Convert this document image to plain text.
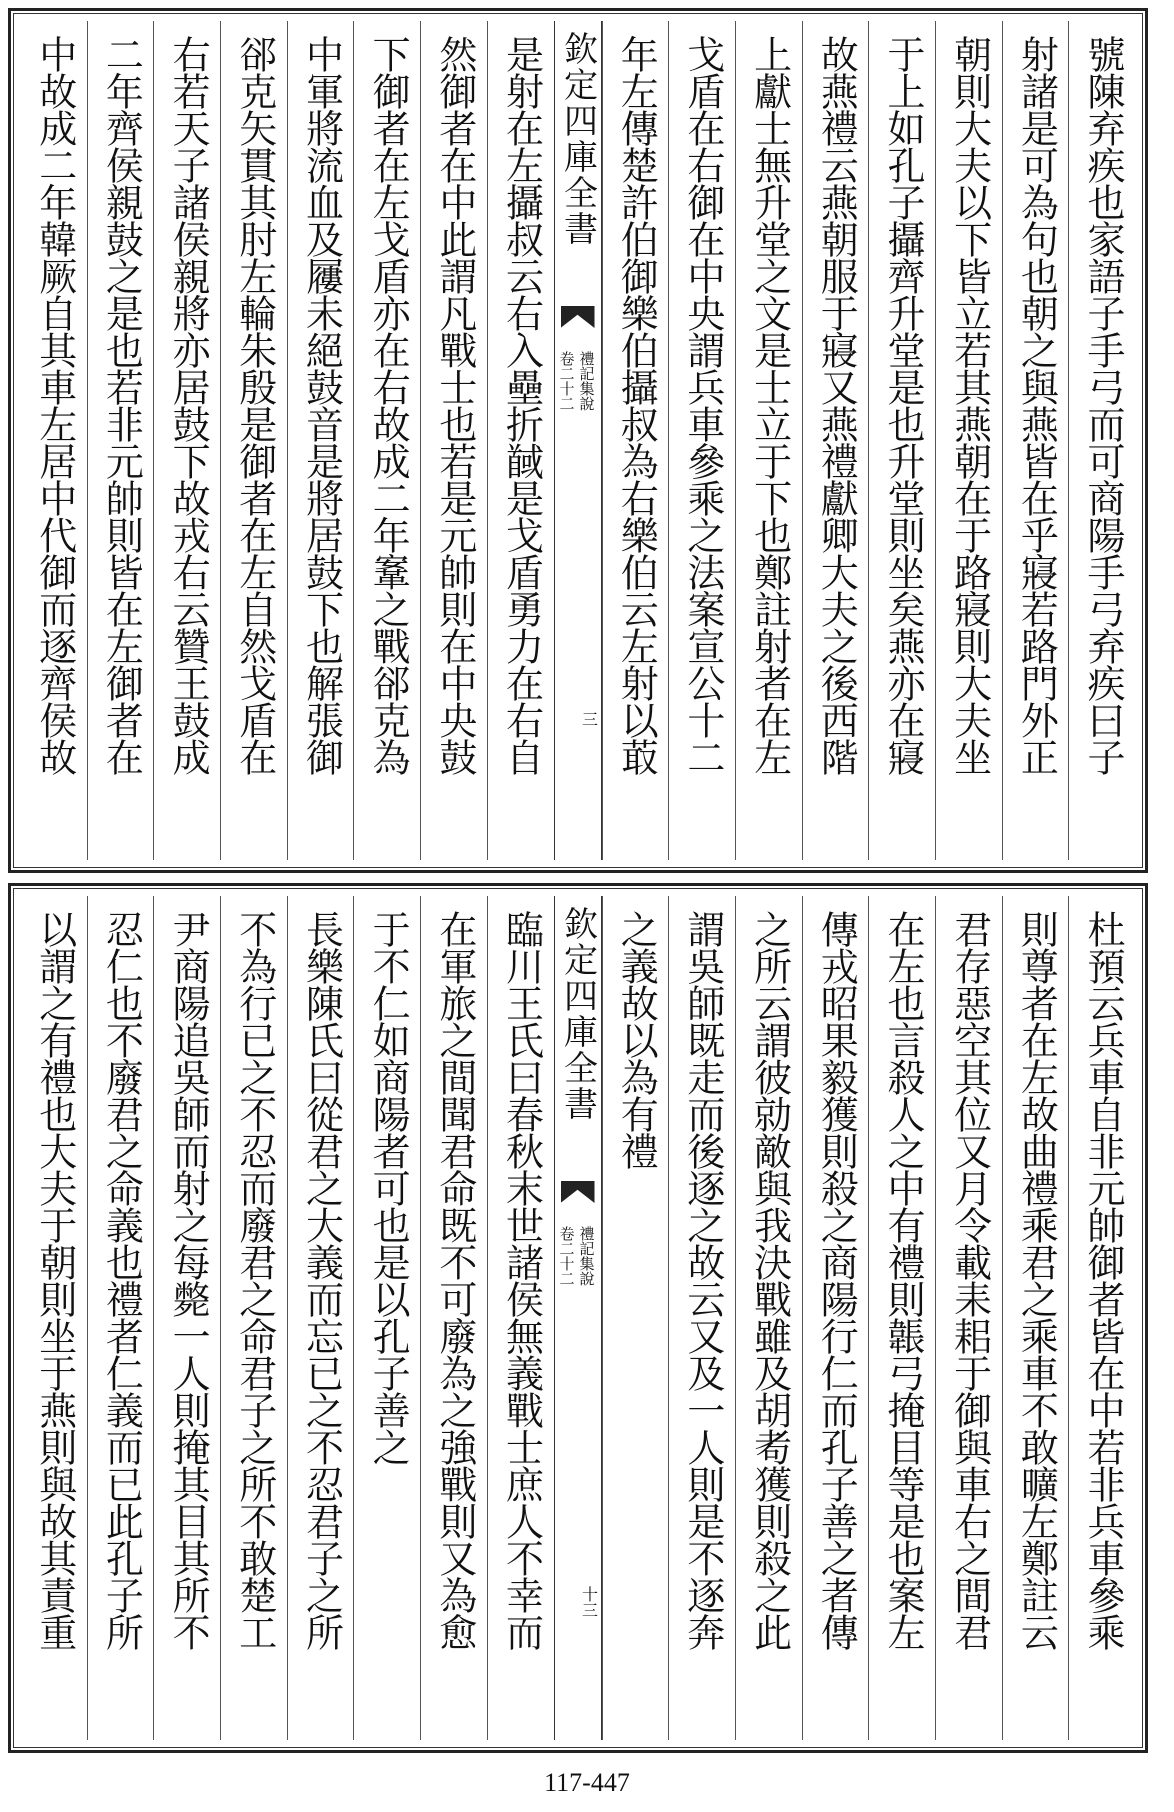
號陳弃疾也家語子手弓而可商陽手弓弃疾曰子
射諸是可為句也朝之與燕皆在乎寢若路門外正
朝則大夫以下皆立若其燕朝在于路寢則大夫坐
于上如孔子攝齊升堂是也升堂則坐矣燕亦在寢
故燕禮云燕朝服于寢又燕禮獻卿大夫之後西階
上獻士無升堂之文是士立于下也鄭註射者在左
戈盾在右御在中央謂兵車參乘之法案宣公十二
年左傳楚許伯御樂伯攝叔為右樂伯云左射以菆
欽定四庫全書
禮記集說
卷二十二
三
是射在左攝叔云右入壘折馘是戈盾勇力在右自
然御者在中此謂凡戰士也若是元帥則在中央鼓
下御者在左戈盾亦在右故成二年鞌之戰郤克為
中軍將流血及屨未絕鼓音是將居鼓下也解張御
郤克矢貫其肘左輪朱殷是御者在左自然戈盾在
右若天子諸侯親將亦居鼓下故戎右云贊王鼓成
二年齊侯親鼓之是也若非元帥則皆在左御者在
中故成二年韓厥自其車左居中代御而逐齊侯故
杜預云兵車自非元帥御者皆在中若非兵車參乘
則尊者在左故曲禮乘君之乘車不敢曠左鄭註云
君存惡空其位又月令載耒耜于御與車右之間君
在左也言殺人之中有禮則韔弓掩目等是也案左
傳戎昭果毅獲則殺之商陽行仁而孔子善之者傳
之所云謂彼勍敵與我決戰雖及胡耇獲則殺之此
謂吳師既走而後逐之故云又及一人則是不逐奔
之義故以為有禮
欽定四庫全書
禮記集說
卷二十二
十三
臨川王氏曰春秋末世諸侯無義戰士庶人不幸而
在軍旅之間聞君命既不可廢為之強戰則又為愈
于不仁如商陽者可也是以孔子善之
長樂陳氏曰從君之大義而忘已之不忍君子之所
不為行已之不忍而廢君之命君子之所不敢楚工
尹商陽追吳師而射之每斃一人則掩其目其所不
忍仁也不廢君之命義也禮者仁義而已此孔子所
以謂之有禮也大夫于朝則坐于燕則與故其責重
117-447
